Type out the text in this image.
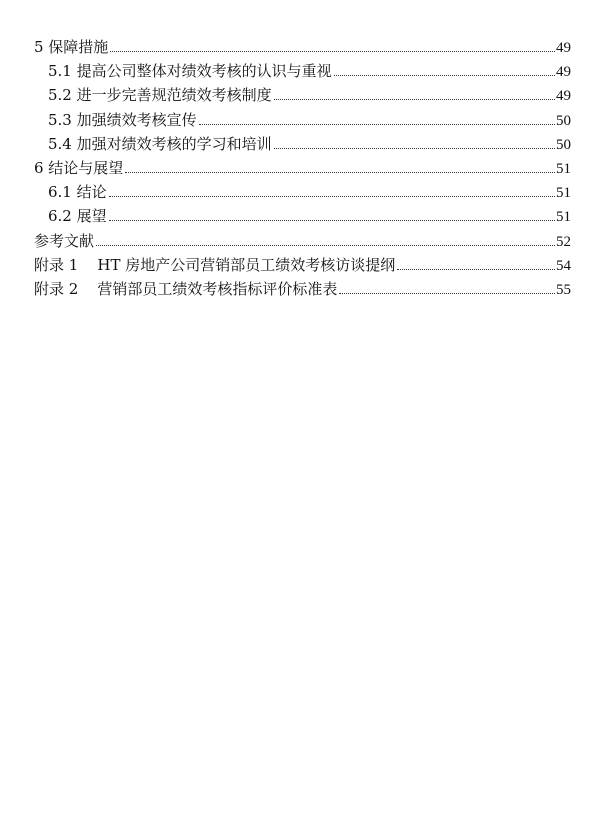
5 保障措施	49
5.1 提高公司整体对绩效考核的认识与重视	49
5.2 进一步完善规范绩效考核制度	49
5.3 加强绩效考核宣传	50
5.4 加强对绩效考核的学习和培训	50
6 结论与展望	51
6.1 结论	51
6.2 展望	51
参考文献	52
附录 1    HT 房地产公司营销部员工绩效考核访谈提纲	54
附录 2    营销部员工绩效考核指标评价标准表	55
